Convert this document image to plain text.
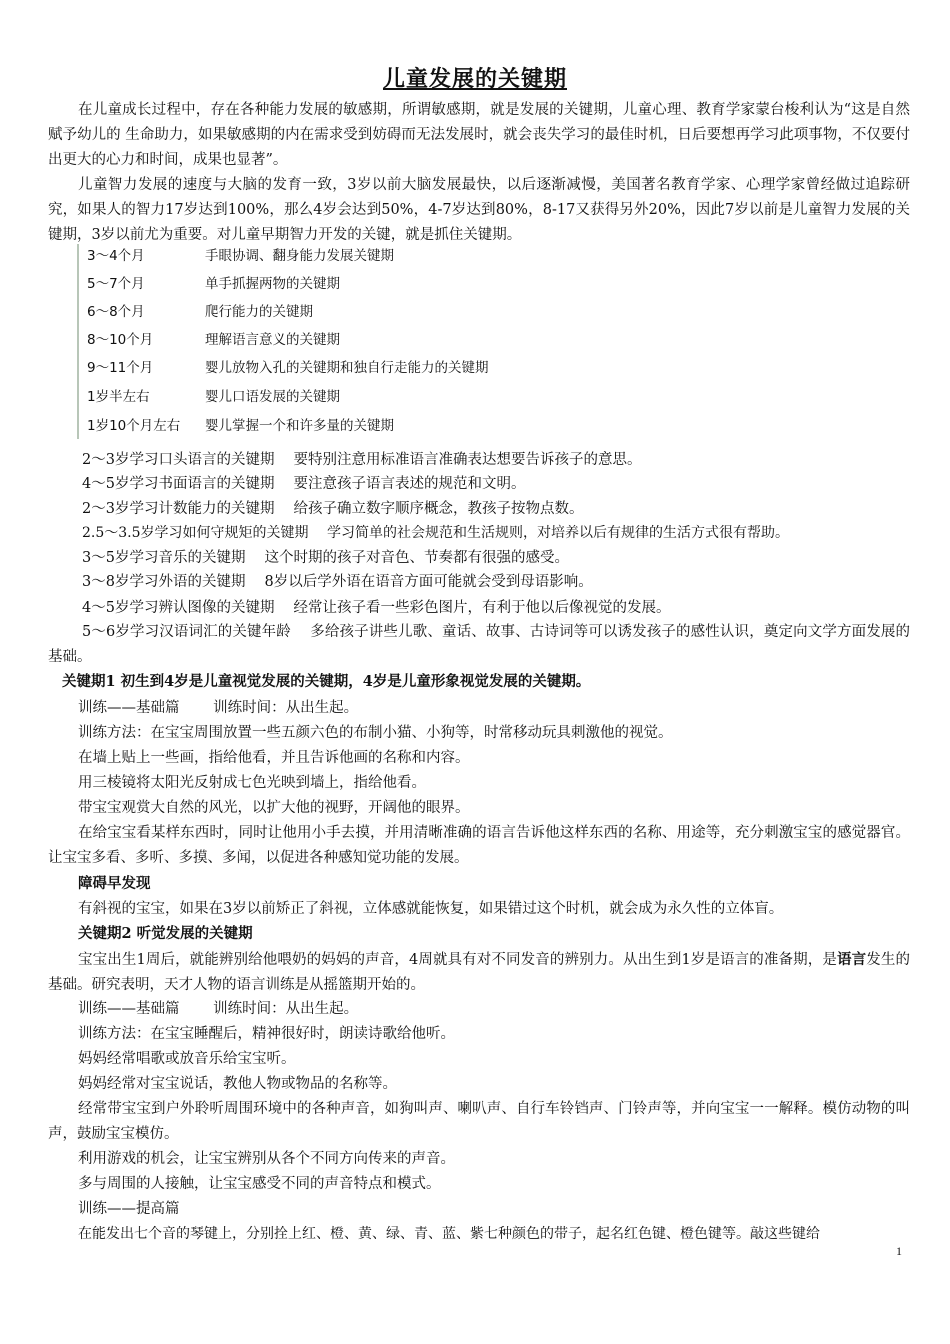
儿童发展的关键期
在儿童成长过程中，存在各种能力发展的敏感期，所谓敏感期，就是发展的关键期，儿童心理、教育学家蒙台梭利认为“这是自然赋予幼儿的 生命助力，如果敏感期的内在需求受到妨碍而无法发展时，就会丧失学习的最佳时机，日后要想再学习此项事物，不仅要付出更大的心力和时间，成果也显著”。
儿童智力发展的速度与大脑的发育一致，3岁以前大脑发展最快，以后逐渐减慢，美国著名教育学家、心理学家曾经做过追踪研究，如果人的智力17岁达到100%，那么4岁会达到50%，4-7岁达到80%，8-17又获得另外20%，因此7岁以前是儿童智力发展的关键期，3岁以前尤为重要。对儿童早期智力开发的关键，就是抓住关键期。
3～4个月	手眼协调、翻身能力发展关键期
5～7个月	单手抓握两物的关键期
6～8个月	爬行能力的关键期
8～10个月	理解语言意义的关键期
9～11个月	婴儿放物入孔的关键期和独自行走能力的关键期
1岁半左右	婴儿口语发展的关键期
1岁10个月左右 婴儿掌握一个和许多量的关键期
2～3岁学习口头语言的关键期　 要特别注意用标准语言准确表达想要告诉孩子的意思。
4～5岁学习书面语言的关键期　 要注意孩子语言表述的规范和文明。
2～3岁学习计数能力的关键期　 给孩子确立数字顺序概念，教孩子按物点数。
2.5～3.5岁学习如何守规矩的关键期　 学习简单的社会规范和生活规则，对培养以后有规律的生活方式很有帮助。
3～5岁学习音乐的关键期　 这个时期的孩子对音色、节奏都有很强的感受。
3～8岁学习外语的关键期　 8岁以后学外语在语音方面可能就会受到母语影响。
4～5岁学习辨认图像的关键期　 经常让孩子看一些彩色图片，有利于他以后像视觉的发展。
5～6岁学习汉语词汇的关键年龄　 多给孩子讲些儿歌、童话、故事、古诗词等可以诱发孩子的感性认识，奠定向文学方面发展的基础。
关键期1 初生到4岁是儿童视觉发展的关键期，4岁是儿童形象视觉发展的关键期。
训练——基础篇　　 训练时间：从出生起。
训练方法：在宝宝周围放置一些五颜六色的布制小猫、小狗等，时常移动玩具刺激他的视觉。
在墙上贴上一些画，指给他看，并且告诉他画的名称和内容。
用三棱镜将太阳光反射成七色光映到墙上，指给他看。
带宝宝观赏大自然的风光，以扩大他的视野，开阔他的眼界。
在给宝宝看某样东西时，同时让他用小手去摸，并用清晰准确的语言告诉他这样东西的名称、用途等，充分刺激宝宝的感觉器官。让宝宝多看、多听、多摸、多闻，以促进各种感知觉功能的发展。
障碍早发现
有斜视的宝宝，如果在3岁以前矫正了斜视，立体感就能恢复，如果错过这个时机，就会成为永久性的立体盲。
关键期2 听觉发展的关键期
宝宝出生1周后，就能辨别给他喂奶的妈妈的声音，4周就具有对不同发音的辨别力。从出生到1岁是语言的准备期，是语言发生的基础。研究表明，天才人物的语言训练是从摇篮期开始的。
训练——基础篇　　 训练时间：从出生起。
训练方法：在宝宝睡醒后，精神很好时，朗读诗歌给他听。
妈妈经常唱歌或放音乐给宝宝听。
妈妈经常对宝宝说话，教他人物或物品的名称等。
经常带宝宝到户外聆听周围环境中的各种声音，如狗叫声、喇叭声、自行车铃铛声、门铃声等，并向宝宝一一解释。模仿动物的叫声，鼓励宝宝模仿。
利用游戏的机会，让宝宝辨别从各个不同方向传来的声音。
多与周围的人接触，让宝宝感受不同的声音特点和模式。
训练——提高篇
在能发出七个音的琴键上，分别拴上红、橙、黄、绿、青、蓝、紫七种颜色的带子，起名红色键、橙色键等。敲这些键给
1
